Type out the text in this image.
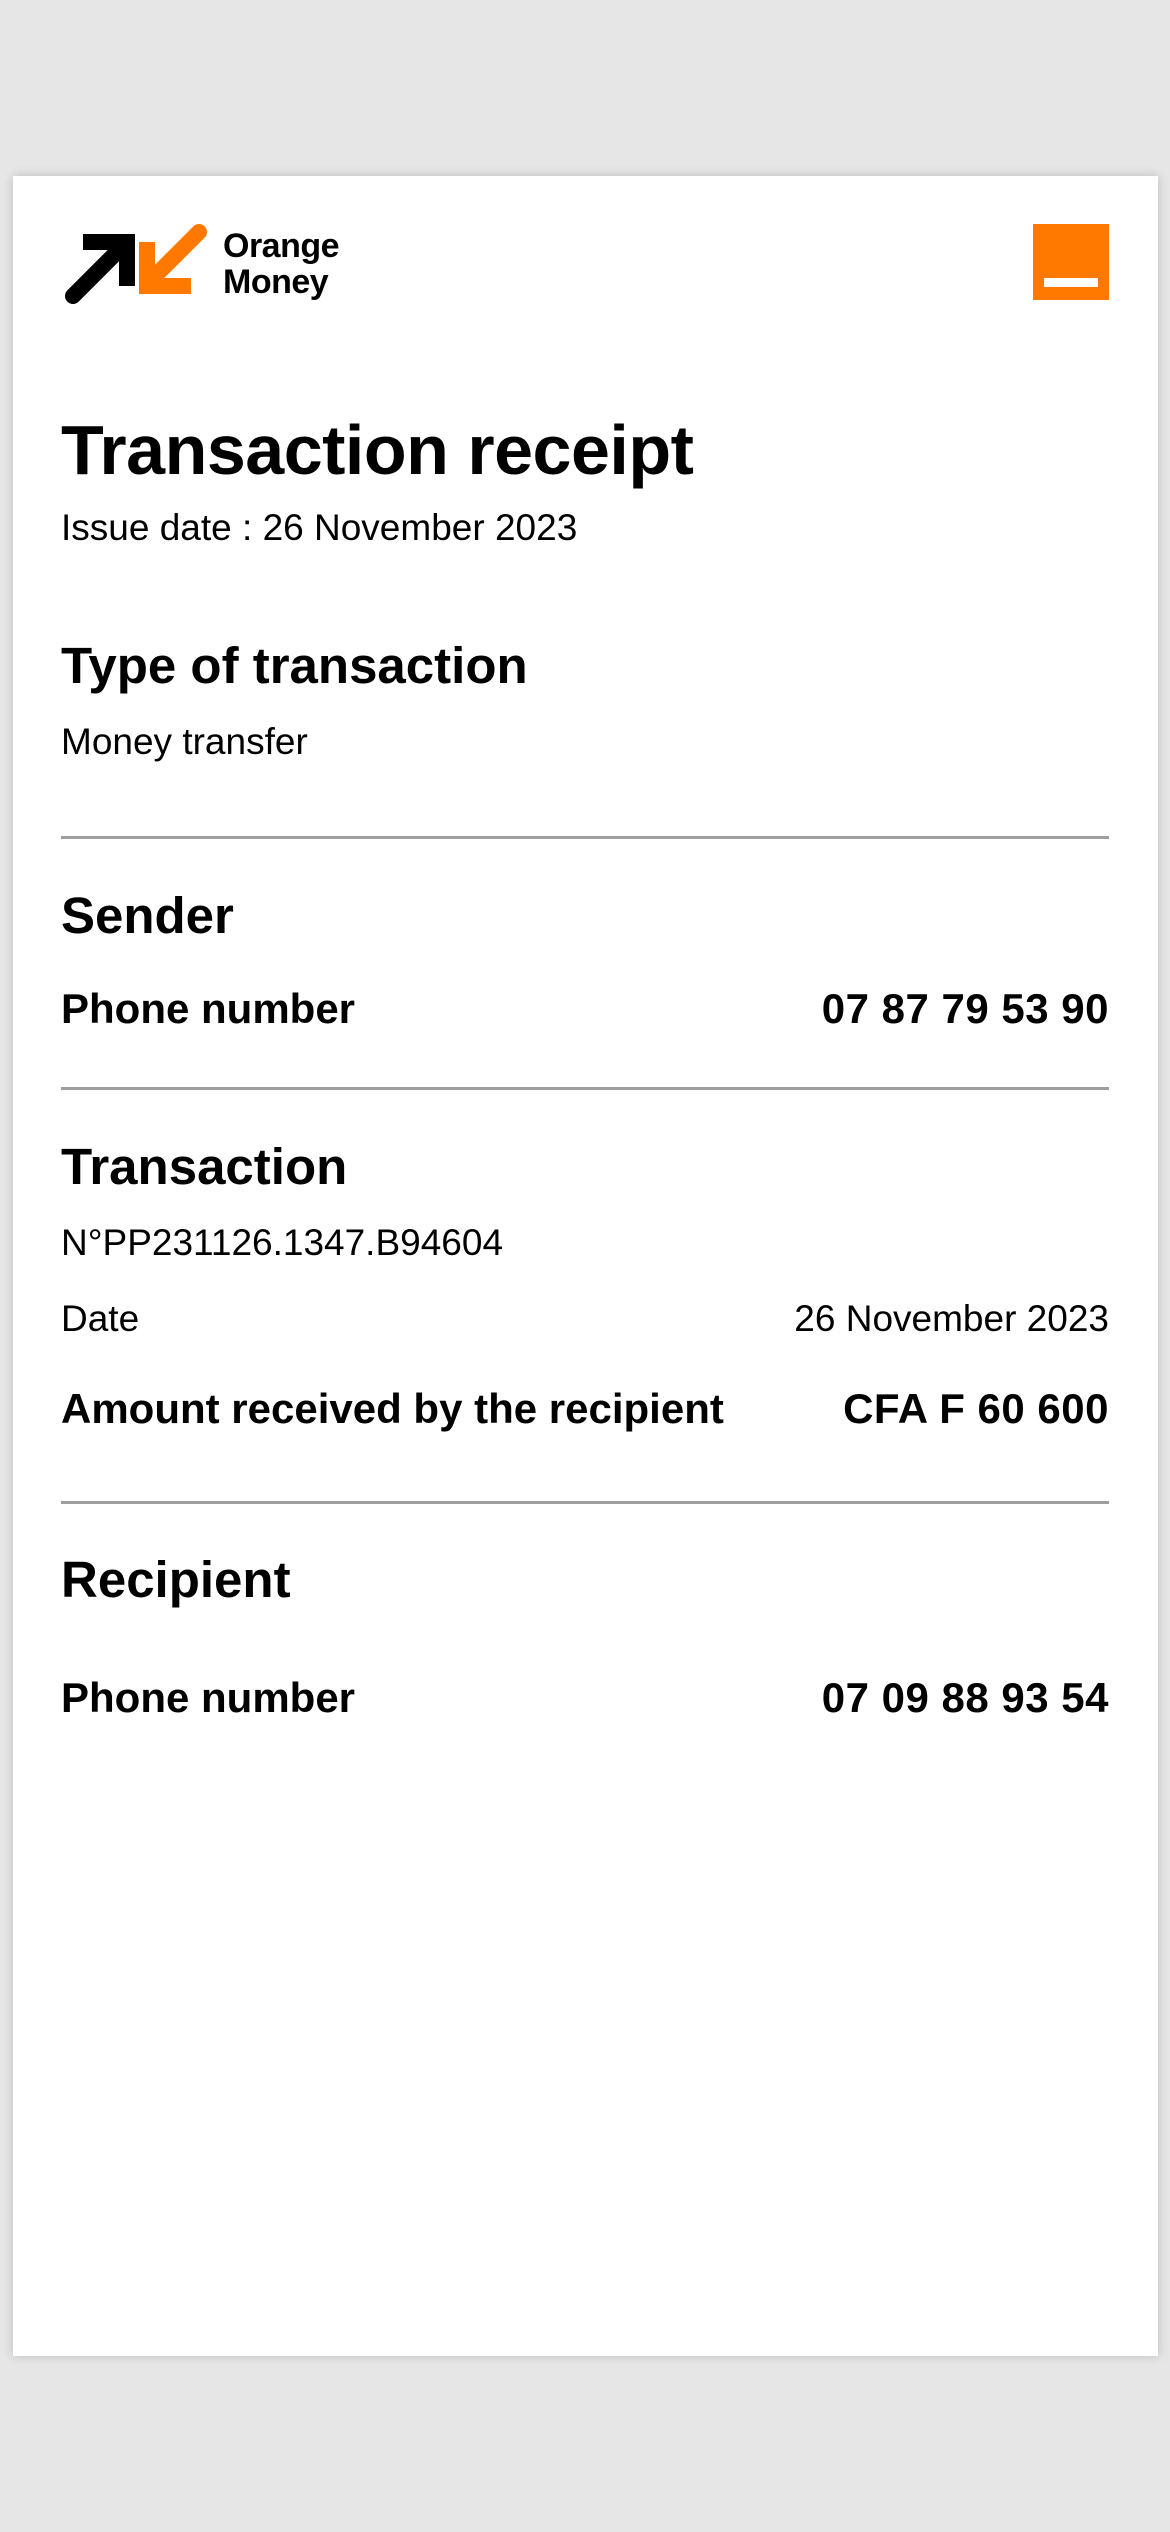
Orange
Money
Transaction receipt
Issue date : 26 November 2023
Type of transaction
Money transfer
Sender
Phone number	07 87 79 53 90
Transaction
N°PP231126.1347.B94604
Date	26 November 2023
Amount received by the recipient	CFA F 60 600
Recipient
Phone number	07 09 88 93 54
